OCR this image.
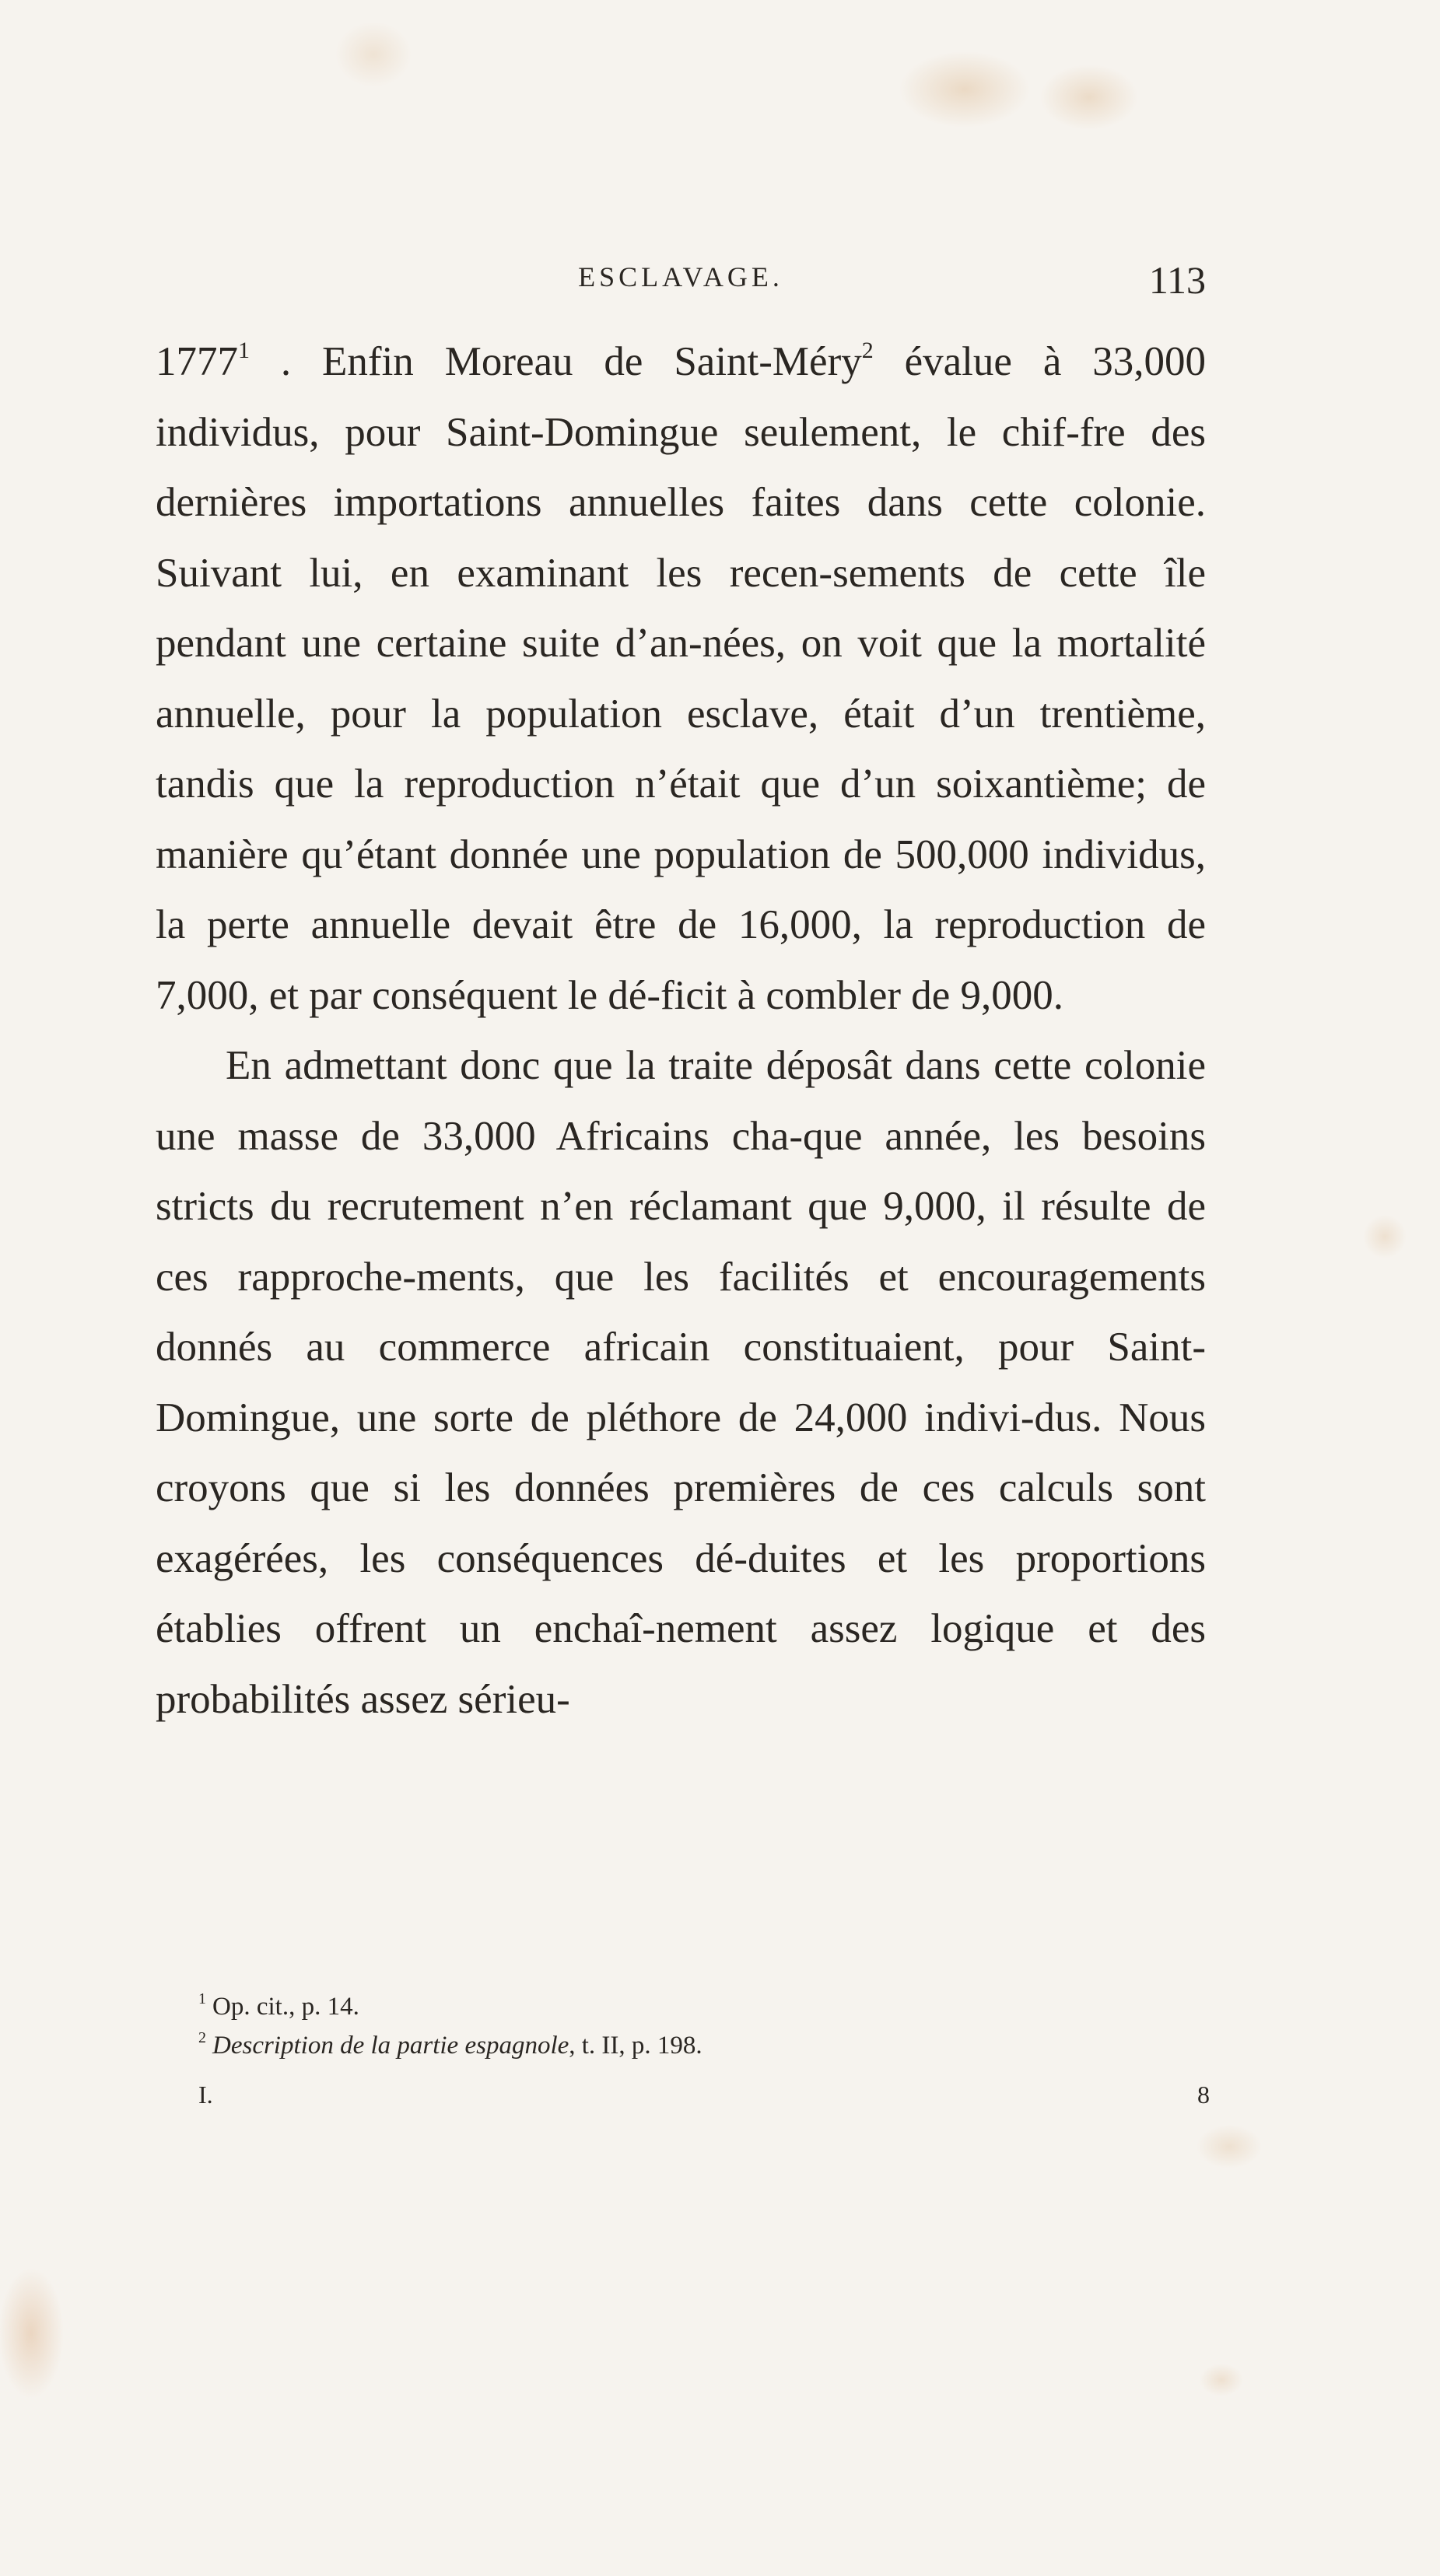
ESCLAVAGE.	113

1777$^1$ . Enfin Moreau de Saint-Méry$^2$ évalue à 33,000 individus, pour Saint-Domingue seulement, le chif-fre des dernières importations annuelles faites dans cette colonie. Suivant lui, en examinant les recen-sements de cette île pendant une certaine suite d’an-nées, on voit que la mortalité annuelle, pour la population esclave, était d’un trentième, tandis que la reproduction n’était que d’un soixantième; de manière qu’étant donnée une population de 500,000 individus, la perte annuelle devait être de 16,000, la reproduction de 7,000, et par conséquent le dé-ficit à combler de 9,000.

En admettant donc que la traite déposât dans cette colonie une masse de 33,000 Africains cha-que année, les besoins stricts du recrutement n’en réclamant que 9,000, il résulte de ces rapproche-ments, que les facilités et encouragements donnés au commerce africain constituaient, pour Saint-Domingue, une sorte de pléthore de 24,000 indivi-dus. Nous croyons que si les données premières de ces calculs sont exagérées, les conséquences dé-duites et les proportions établies offrent un enchaî-nement assez logique et des probabilités assez sérieu-

$^1$ Op. cit., p. 14.
$^2$ Description de la partie espagnole, t. II, p. 198.
I.	8
